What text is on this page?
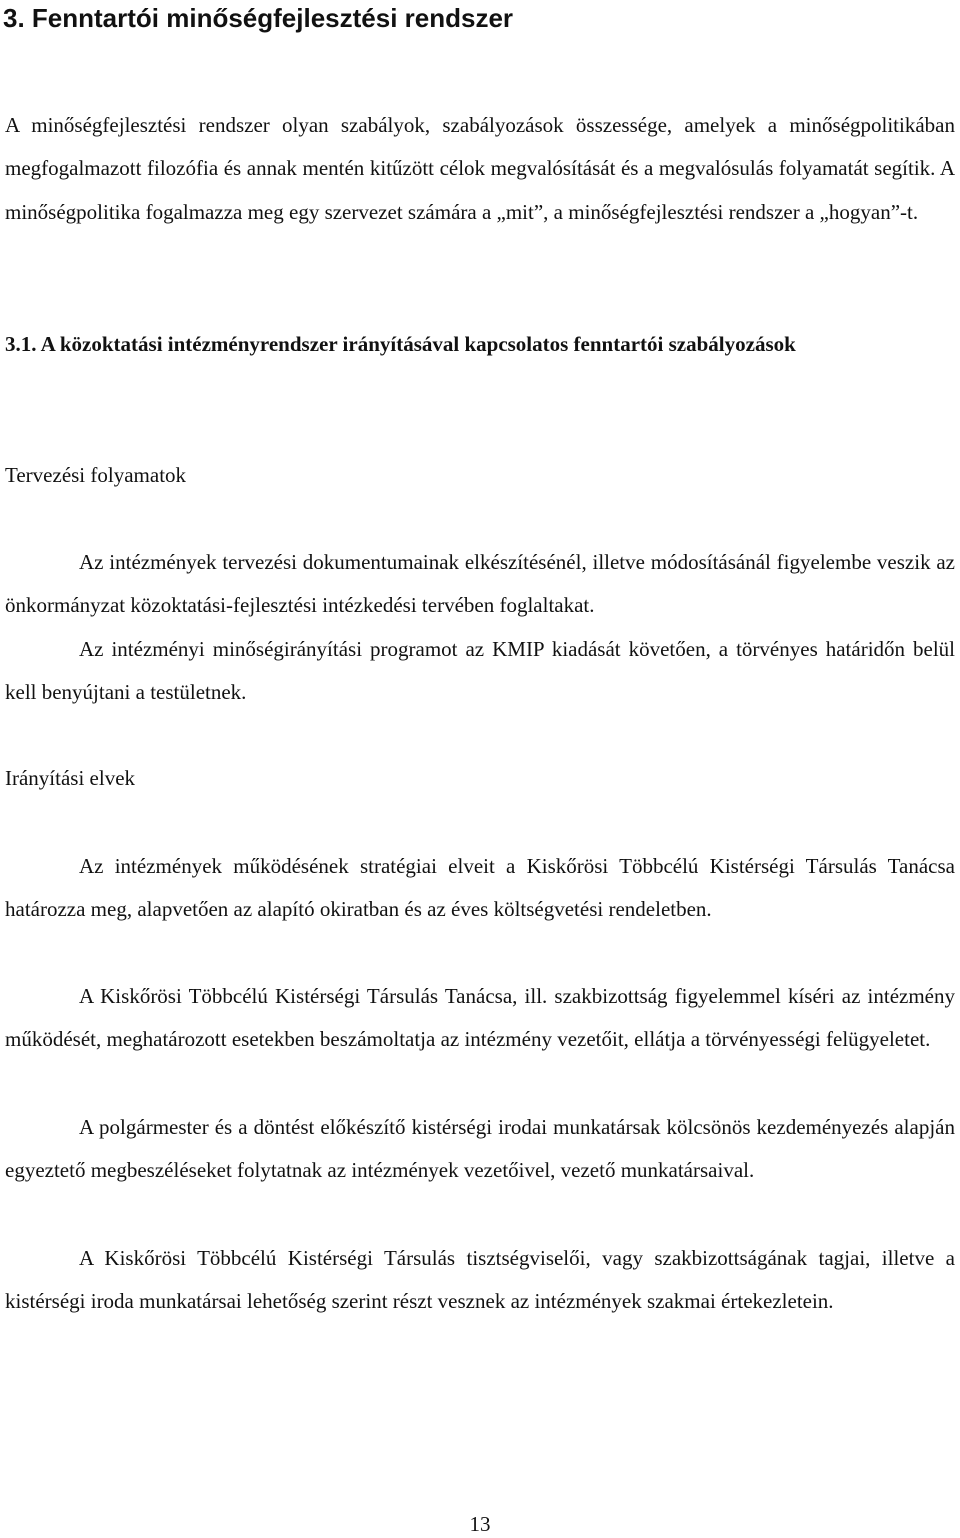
3. Fenntartói minőségfejlesztési rendszer

A minőségfejlesztési rendszer olyan szabályok, szabályozások összessége, amelyek a minőségpolitikában megfogalmazott filozófia és annak mentén kitűzött célok megvalósítását és a megvalósulás folyamatát segítik. A minőségpolitika fogalmazza meg egy szervezet számára a „mit”, a minőségfejlesztési rendszer a „hogyan”-t.

3.1. A közoktatási intézményrendszer irányításával kapcsolatos fenntartói szabályozások

Tervezési folyamatok

Az intézmények tervezési dokumentumainak elkészítésénél, illetve módosításánál figyelembe veszik az önkormányzat közoktatási-fejlesztési intézkedési tervében foglaltakat.

Az intézményi minőségirányítási programot az KMIP kiadását követően, a törvényes határidőn belül kell benyújtani a testületnek.

Irányítási elvek

Az intézmények működésének stratégiai elveit a Kiskőrösi Többcélú Kistérségi Társulás Tanácsa határozza meg, alapvetően az alapító okiratban és az éves költségvetési rendeletben.

A Kiskőrösi Többcélú Kistérségi Társulás Tanácsa, ill. szakbizottság figyelemmel kíséri az intézmény működését, meghatározott esetekben beszámoltatja az intézmény vezetőit, ellátja a törvényességi felügyeletet.

A polgármester és a döntést előkészítő kistérségi irodai munkatársak kölcsönös kezdeményezés alapján egyeztető megbeszéléseket folytatnak az intézmények vezetőivel, vezető munkatársaival.

A Kiskőrösi Többcélú Kistérségi Társulás tisztségviselői, vagy szakbizottságának tagjai, illetve a kistérségi iroda munkatársai lehetőség szerint részt vesznek az intézmények szakmai értekezletein.

13
